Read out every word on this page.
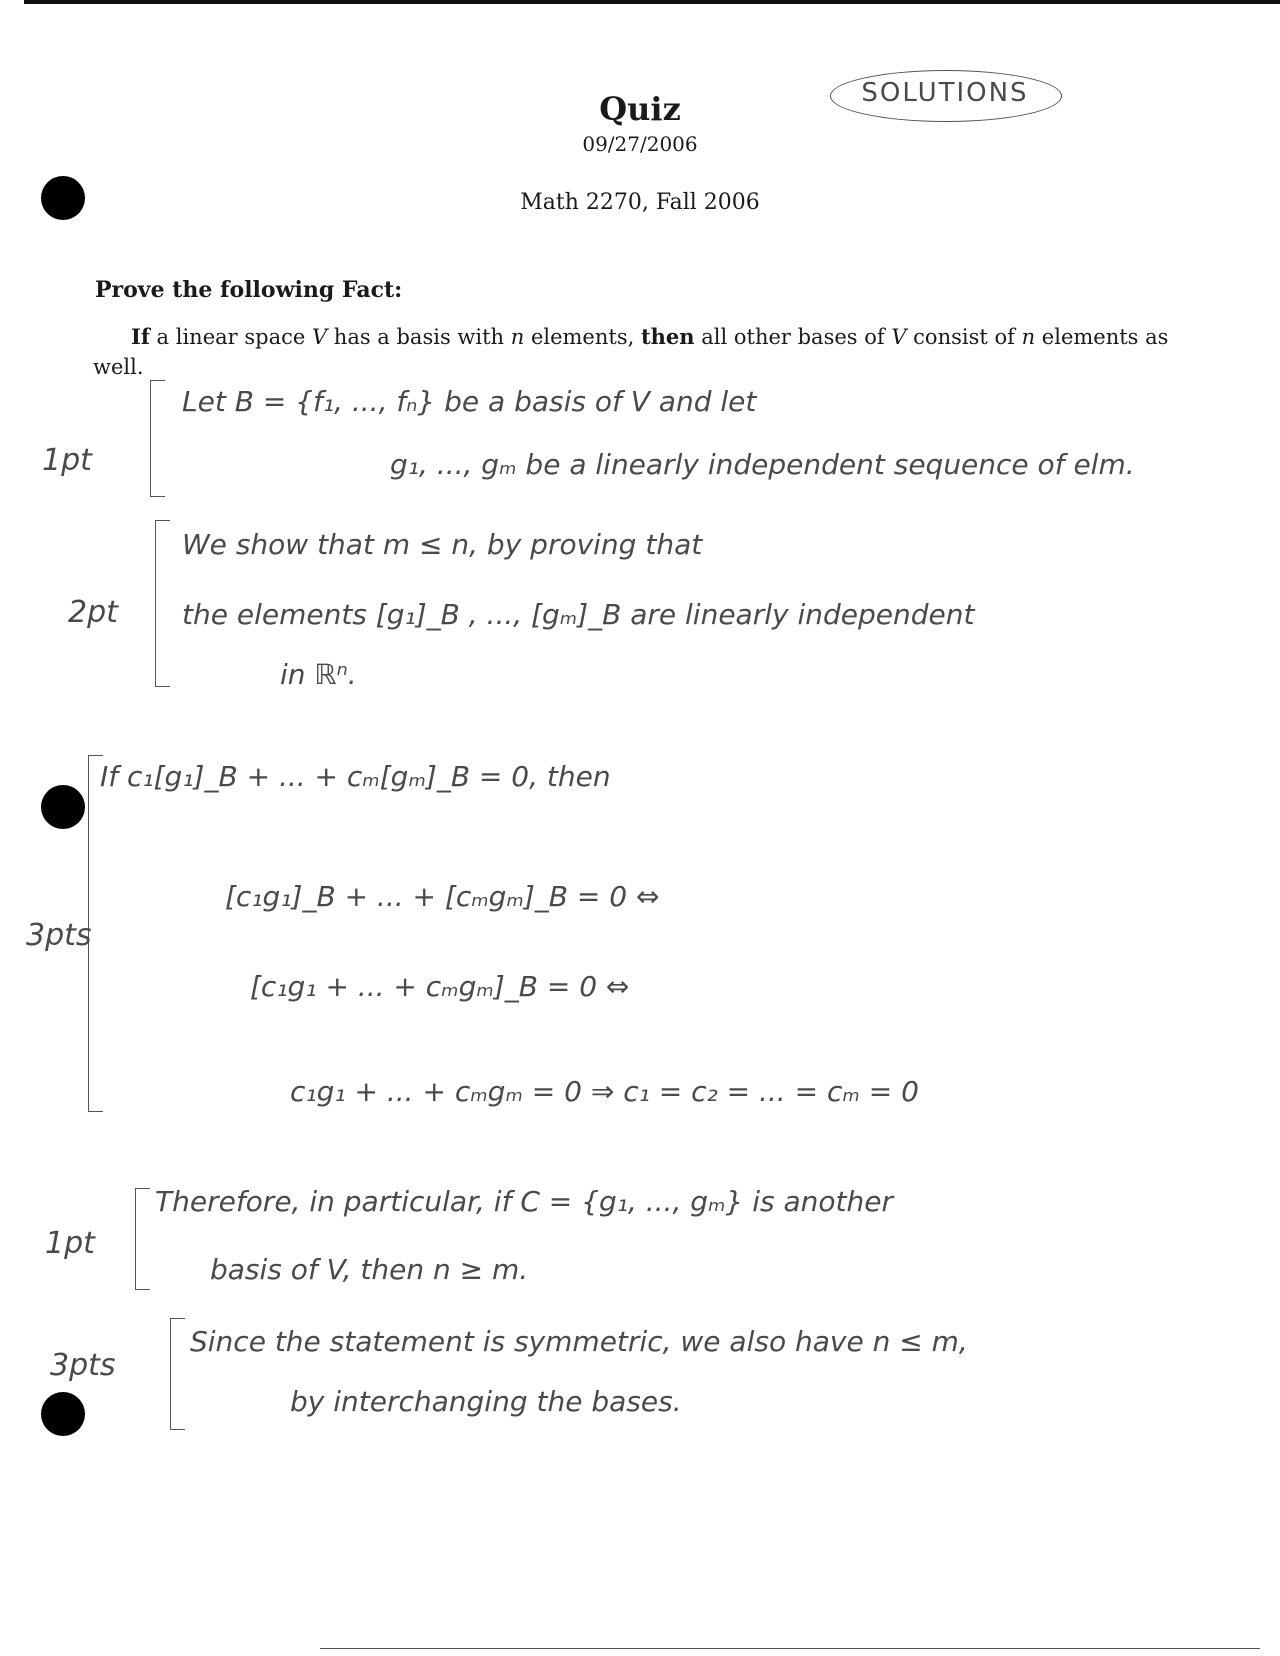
Quiz
09/27/2006
Math 2270, Fall 2006
SOLUTIONS
Prove the following Fact:
If a linear space V has a basis with n elements, then all other bases of V consist of n elements as well.
1pt
Let B = {f₁, ..., fₙ} be a basis of V and let
g₁, ..., gₘ be a linearly independent sequence of elm.
2pt
We show that m ≤ n, by proving that
the elements [g₁]_B , ..., [gₘ]_B are linearly independent
in ℝⁿ.
3pts
If c₁[g₁]_B + ... + cₘ[gₘ]_B = 0, then
[c₁g₁]_B + ... + [cₘgₘ]_B = 0 ⇔
[c₁g₁ + ... + cₘgₘ]_B = 0 ⇔
c₁g₁ + ... + cₘgₘ = 0 ⇒ c₁ = c₂ = ... = cₘ = 0
1pt
Therefore, in particular, if C = {g₁, ..., gₘ} is another
basis of V, then n ≥ m.
3pts
Since the statement is symmetric, we also have n ≤ m,
by interchanging the bases.
